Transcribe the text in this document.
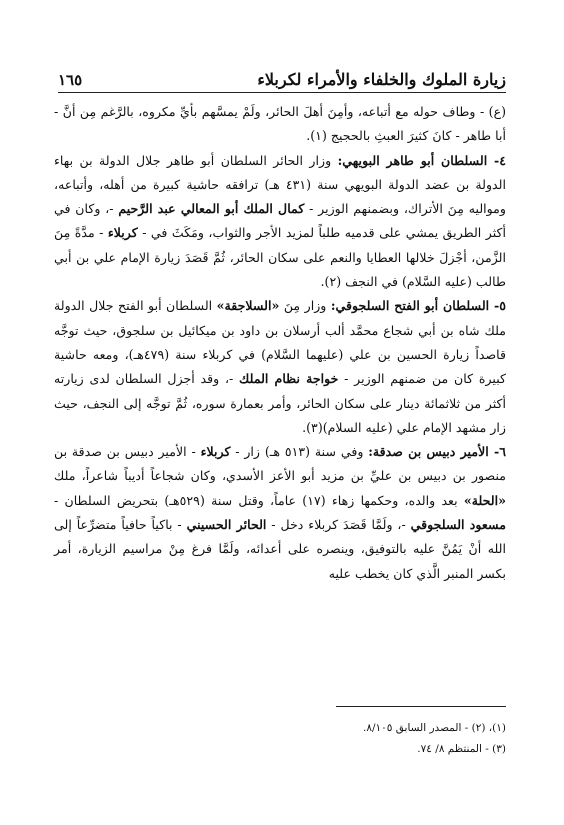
زيارة الملوك والخلفاء والأمراء لكربلاء
١٦٥

(ع) - وطاف حوله مع أتباعه، وأمِنَ أهلَ الحائر، ولَمْ يمسَّهم بأيِّ مكروه، بالرَّغم مِن أنَّ - أبا طاهر - كانَ كثيرَ العبثِ بالحجيج (١).

٤- السلطان أبو طاهر البويهي: وزار الحائر السلطان أبو طاهر جلال الدولة بن بهاء الدولة بن عضد الدولة البويهي سنة (٤٣١ هـ) ترافقه حاشية كبيرة من أهله، وأتباعه، ومواليه مِنَ الأتراك، وبضمنهم الوزير - كمال الملك أبو المعالي عبد الرَّحيم -، وكان في أكثر الطريق يمشي على قدميه طلباً لمزيد الأجر والثواب، ومَكَثَ في - كربلاء - مدَّةً مِنَ الزَّمن، أجْزلَ خلالها العطايا والنعم على سكان الحائر، ثُمَّ قَصَدَ زيارة الإمام علي بن أبي طالب (عليه السَّلام) في النجف (٢).

٥- السلطان أبو الفتح السلجوقي: وزار مِنَ «السلاجقة» السلطان أبو الفتح جلال الدولة ملك شاه بن أبي شجاع محمَّد ألب أرسلان بن داود بن ميكائيل بن سلجوق، حيث توجَّه قاصداً زيارة الحسين بن علي (عليهما السَّلام) في كربلاء سنة (٤٧٩هـ)، ومعه حاشية كبيرة كان من ضمنهم الوزير - خواجة نظام الملك -، وقد أجزل السلطان لدى زيارته أكثر من ثلاثمائة دينار على سكان الحائر، وأمر بعمارة سوره، ثُمَّ توجَّه إلى النجف، حيث زار مشهد الإمام علي (عليه السلام)(٣).

٦- الأمير دبيس بن صدقة: وفي سنة (٥١٣ هـ) زار - كربلاء - الأمير دبيس بن صدقة بن منصور بن دبيس بن عليِّ بن مزيد أبو الأعز الأسدي، وكان شجاعاً أديباً شاعراً، ملك «الحلة» بعد والده، وحكمها زهاء (١٧) عاماً، وقتل سنة (٥٢٩هـ) بتحريض السلطان - مسعود السلجوقي -، ولَمَّا قَصَدَ كربلاء دخل - الحائر الحسيني - باكياً حافياً متضرِّعاً إلى الله أنْ يَمُنَّ عليه بالتوفيق، وينصره على أعدائه، ولَمَّا فرغ مِنْ مراسيم الزيارة، أمر بكسر المنبر الَّذي كان يخطب عليه

(١)، (٢) - المصدر السابق ٨/١٠٥.

(٣) - المنتظم ٨/ ٧٤.
